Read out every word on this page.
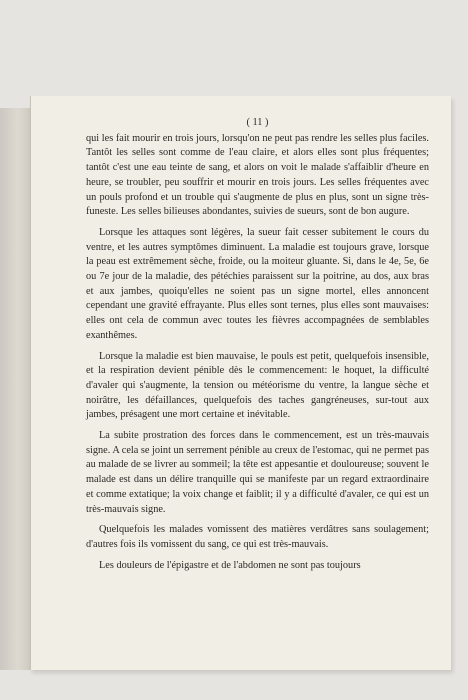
( 11 )

qui les fait mourir en trois jours, lorsqu'on ne peut pas rendre les selles plus faciles. Tantôt les selles sont comme de l'eau claire, et alors elles sont plus fréquentes; tantôt c'est une eau teinte de sang, et alors on voit le malade s'affaiblir d'heure en heure, se troubler, peu souffrir et mourir en trois jours. Les selles fréquentes avec un pouls profond et un trouble qui s'augmente de plus en plus, sont un signe très-funeste. Les selles bilieuses abondantes, suivies de sueurs, sont de bon augure.

Lorsque les attaques sont légères, la sueur fait cesser subitement le cours du ventre, et les autres symptômes diminuent. La maladie est toujours grave, lorsque la peau est extrêmement sèche, froide, ou la moiteur gluante. Si, dans le 4e, 5e, 6e ou 7e jour de la maladie, des pétéchies paraissent sur la poitrine, au dos, aux bras et aux jambes, quoiqu'elles ne soient pas un signe mortel, elles annoncent cependant une gravité effrayante. Plus elles sont ternes, plus elles sont mauvaises: elles ont cela de commun avec toutes les fièvres accompagnées de semblables exanthêmes.

Lorsque la maladie est bien mauvaise, le pouls est petit, quelquefois insensible, et la respiration devient pénible dès le commencement: le hoquet, la difficulté d'avaler qui s'augmente, la tension ou météorisme du ventre, la langue sèche et noirâtre, les défaillances, quelquefois des taches gangréneuses, sur-tout aux jambes, présagent une mort certaine et inévitable.

La subite prostration des forces dans le commencement, est un très-mauvais signe. A cela se joint un serrement pénible au creux de l'estomac, qui ne permet pas au malade de se livrer au sommeil; la tête est appesantie et douloureuse; souvent le malade est dans un délire tranquille qui se manifeste par un regard extraordinaire et comme extatique; la voix change et faiblit; il y a difficulté d'avaler, ce qui est un très-mauvais signe.

Quelquefois les malades vomissent des matières verdâtres sans soulagement; d'autres fois ils vomissent du sang, ce qui est très-mauvais.

Les douleurs de l'épigastre et de l'abdomen ne sont pas toujours
